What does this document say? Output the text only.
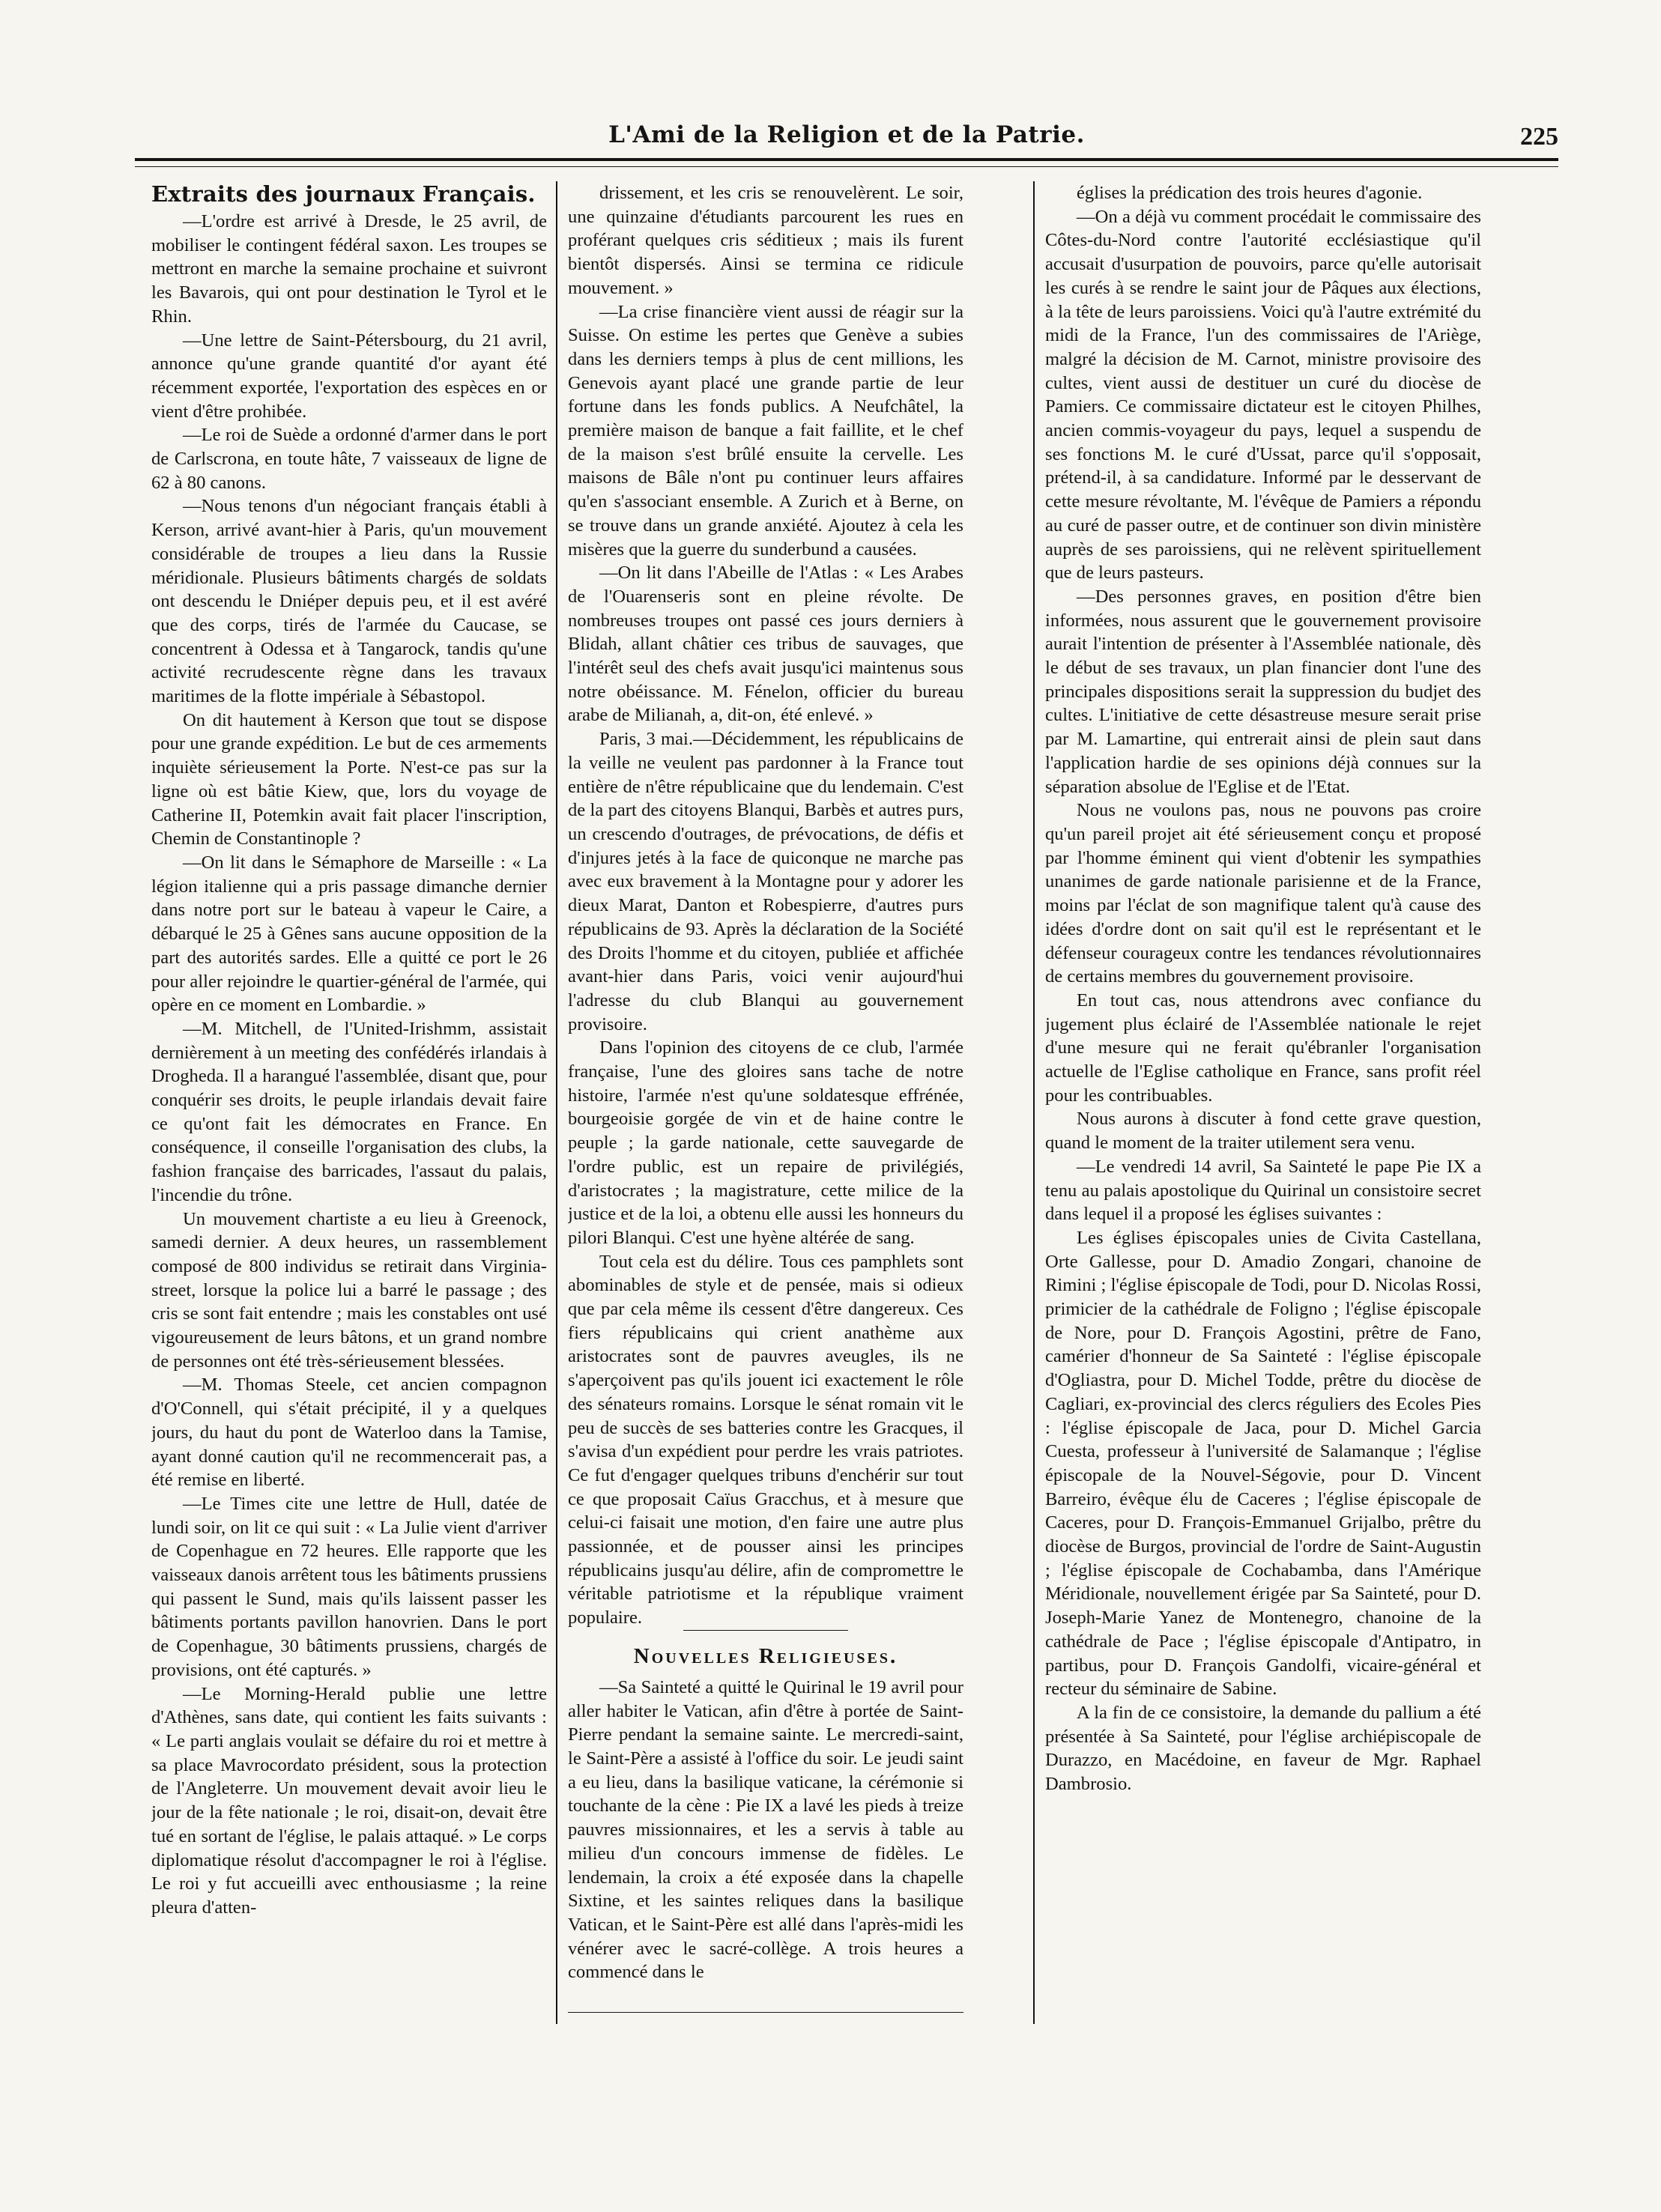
L'Ami de la Religion et de la Patrie.	225
Extraits des journaux Français.

—L'ordre est arrivé à Dresde, le 25 avril, de mobiliser le contingent fédéral saxon. Les troupes se mettront en marche la semaine prochaine et suivront les Bavarois, qui ont pour destination le Tyrol et le Rhin.

—Une lettre de Saint-Pétersbourg, du 21 avril, annonce qu'une grande quantité d'or ayant été récemment exportée, l'exportation des espèces en or vient d'être prohibée.

—Le roi de Suède a ordonné d'armer dans le port de Carlscrona, en toute hâte, 7 vaisseaux de ligne de 62 à 80 canons.

—Nous tenons d'un négociant français établi à Kerson, arrivé avant-hier à Paris, qu'un mouvement considérable de troupes a lieu dans la Russie méridionale. Plusieurs bâtiments chargés de soldats ont descendu le Dniéper depuis peu, et il est avéré que des corps, tirés de l'armée du Caucase, se concentrent à Odessa et à Tangarock, tandis qu'une activité recrudescente règne dans les travaux maritimes de la flotte impériale à Sébastopol.

On dit hautement à Kerson que tout se dispose pour une grande expédition. Le but de ces armements inquiète sérieusement la Porte. N'est-ce pas sur la ligne où est bâtie Kiew, que, lors du voyage de Catherine II, Potemkin avait fait placer l'inscription, Chemin de Constantinople ?

—On lit dans le Sémaphore de Marseille : « La légion italienne qui a pris passage dimanche dernier dans notre port sur le bateau à vapeur le Caire, a débarqué le 25 à Gênes sans aucune opposition de la part des autorités sardes. Elle a quitté ce port le 26 pour aller rejoindre le quartier-général de l'armée, qui opère en ce moment en Lombardie. »

—M. Mitchell, de l'United-Irishmm, assistait dernièrement à un meeting des confédérés irlandais à Drogheda. Il a harangué l'assemblée, disant que, pour conquérir ses droits, le peuple irlandais devait faire ce qu'ont fait les démocrates en France. En conséquence, il conseille l'organisation des clubs, la fashion française des barricades, l'assaut du palais, l'incendie du trône.

Un mouvement chartiste a eu lieu à Greenock, samedi dernier. A deux heures, un rassemblement composé de 800 individus se retirait dans Virginia-street, lorsque la police lui a barré le passage ; des cris se sont fait entendre ; mais les constables ont usé vigoureusement de leurs bâtons, et un grand nombre de personnes ont été très-sérieusement blessées.

—M. Thomas Steele, cet ancien compagnon d'O'Connell, qui s'était précipité, il y a quelques jours, du haut du pont de Waterloo dans la Tamise, ayant donné caution qu'il ne recommencerait pas, a été remise en liberté.

—Le Times cite une lettre de Hull, datée de lundi soir, on lit ce qui suit : « La Julie vient d'arriver de Copenhague en 72 heures. Elle rapporte que les vaisseaux danois arrêtent tous les bâtiments prussiens qui passent le Sund, mais qu'ils laissent passer les bâtiments portants pavillon hanovrien. Dans le port de Copenhague, 30 bâtiments prussiens, chargés de provisions, ont été capturés. »

—Le Morning-Herald publie une lettre d'Athènes, sans date, qui contient les faits suivants : « Le parti anglais voulait se défaire du roi et mettre à sa place Mavrocordato président, sous la protection de l'Angleterre. Un mouvement devait avoir lieu le jour de la fête nationale ; le roi, disait-on, devait être tué en sortant de l'église, le palais attaqué. » Le corps diplomatique résolut d'accompagner le roi à l'église. Le roi y fut accueilli avec enthousiasme ; la reine pleura d'atten-

drissement, et les cris se renouvelèrent. Le soir, une quinzaine d'étudiants parcourent les rues en proférant quelques cris séditieux ; mais ils furent bientôt dispersés. Ainsi se termina ce ridicule mouvement. »

—La crise financière vient aussi de réagir sur la Suisse. On estime les pertes que Genève a subies dans les derniers temps à plus de cent millions, les Genevois ayant placé une grande partie de leur fortune dans les fonds publics. A Neufchâtel, la première maison de banque a fait faillite, et le chef de la maison s'est brûlé ensuite la cervelle. Les maisons de Bâle n'ont pu continuer leurs affaires qu'en s'associant ensemble. A Zurich et à Berne, on se trouve dans un grande anxiété. Ajoutez à cela les misères que la guerre du sunderbund a causées.

—On lit dans l'Abeille de l'Atlas : « Les Arabes de l'Ouarenseris sont en pleine révolte. De nombreuses troupes ont passé ces jours derniers à Blidah, allant châtier ces tribus de sauvages, que l'intérêt seul des chefs avait jusqu'ici maintenus sous notre obéissance. M. Fénelon, officier du bureau arabe de Milianah, a, dit-on, été enlevé. »

Paris, 3 mai.—Décidemment, les républicains de la veille ne veulent pas pardonner à la France tout entière de n'être républicaine que du lendemain. C'est de la part des citoyens Blanqui, Barbès et autres purs, un crescendo d'outrages, de prévocations, de défis et d'injures jetés à la face de quiconque ne marche pas avec eux bravement à la Montagne pour y adorer les dieux Marat, Danton et Robespierre, d'autres purs républicains de 93. Après la déclaration de la Société des Droits l'homme et du citoyen, publiée et affichée avant-hier dans Paris, voici venir aujourd'hui l'adresse du club Blanqui au gouvernement provisoire.

Dans l'opinion des citoyens de ce club, l'armée française, l'une des gloires sans tache de notre histoire, l'armée n'est qu'une soldatesque effrénée, bourgeoisie gorgée de vin et de haine contre le peuple ; la garde nationale, cette sauvegarde de l'ordre public, est un repaire de privilégiés, d'aristocrates ; la magistrature, cette milice de la justice et de la loi, a obtenu elle aussi les honneurs du pilori Blanqui. C'est une hyène altérée de sang.

Tout cela est du délire. Tous ces pamphlets sont abominables de style et de pensée, mais si odieux que par cela même ils cessent d'être dangereux. Ces fiers républicains qui crient anathème aux aristocrates sont de pauvres aveugles, ils ne s'aperçoivent pas qu'ils jouent ici exactement le rôle des sénateurs romains. Lorsque le sénat romain vit le peu de succès de ses batteries contre les Gracques, il s'avisa d'un expédient pour perdre les vrais patriotes. Ce fut d'engager quelques tribuns d'enchérir sur tout ce que proposait Caïus Gracchus, et à mesure que celui-ci faisait une motion, d'en faire une autre plus passionnée, et de pousser ainsi les principes républicains jusqu'au délire, afin de compromettre le véritable patriotisme et la république vraiment populaire.

Nouvelles Religieuses.

—Sa Sainteté a quitté le Quirinal le 19 avril pour aller habiter le Vatican, afin d'être à portée de Saint-Pierre pendant la semaine sainte. Le mercredi-saint, le Saint-Père a assisté à l'office du soir. Le jeudi saint a eu lieu, dans la basilique vaticane, la cérémonie si touchante de la cène : Pie IX a lavé les pieds à treize pauvres missionnaires, et les a servis à table au milieu d'un concours immense de fidèles. Le lendemain, la croix a été exposée dans la chapelle Sixtine, et les saintes reliques dans la basilique Vatican, et le Saint-Père est allé dans l'après-midi les vénérer avec le sacré-collège. A trois heures a commencé dans le

églises la prédication des trois heures d'agonie.

—On a déjà vu comment procédait le commissaire des Côtes-du-Nord contre l'autorité ecclésiastique qu'il accusait d'usurpation de pouvoirs, parce qu'elle autorisait les curés à se rendre le saint jour de Pâques aux élections, à la tête de leurs paroissiens. Voici qu'à l'autre extrémité du midi de la France, l'un des commissaires de l'Ariège, malgré la décision de M. Carnot, ministre provisoire des cultes, vient aussi de destituer un curé du diocèse de Pamiers. Ce commissaire dictateur est le citoyen Philhes, ancien commis-voyageur du pays, lequel a suspendu de ses fonctions M. le curé d'Ussat, parce qu'il s'opposait, prétend-il, à sa candidature. Informé par le desservant de cette mesure révoltante, M. l'évêque de Pamiers a répondu au curé de passer outre, et de continuer son divin ministère auprès de ses paroissiens, qui ne relèvent spirituellement que de leurs pasteurs.

—Des personnes graves, en position d'être bien informées, nous assurent que le gouvernement provisoire aurait l'intention de présenter à l'Assemblée nationale, dès le début de ses travaux, un plan financier dont l'une des principales dispositions serait la suppression du budjet des cultes. L'initiative de cette désastreuse mesure serait prise par M. Lamartine, qui entrerait ainsi de plein saut dans l'application hardie de ses opinions déjà connues sur la séparation absolue de l'Eglise et de l'Etat.

Nous ne voulons pas, nous ne pouvons pas croire qu'un pareil projet ait été sérieusement conçu et proposé par l'homme éminent qui vient d'obtenir les sympathies unanimes de garde nationale parisienne et de la France, moins par l'éclat de son magnifique talent qu'à cause des idées d'ordre dont on sait qu'il est le représentant et le défenseur courageux contre les tendances révolutionnaires de certains membres du gouvernement provisoire.

En tout cas, nous attendrons avec confiance du jugement plus éclairé de l'Assemblée nationale le rejet d'une mesure qui ne ferait qu'ébranler l'organisation actuelle de l'Eglise catholique en France, sans profit réel pour les contribuables.

Nous aurons à discuter à fond cette grave question, quand le moment de la traiter utilement sera venu.

—Le vendredi 14 avril, Sa Sainteté le pape Pie IX a tenu au palais apostolique du Quirinal un consistoire secret dans lequel il a proposé les églises suivantes :

Les églises épiscopales unies de Civita Castellana, Orte Gallesse, pour D. Amadio Zongari, chanoine de Rimini ; l'église épiscopale de Todi, pour D. Nicolas Rossi, primicier de la cathédrale de Foligno ; l'église épiscopale de Nore, pour D. François Agostini, prêtre de Fano, camérier d'honneur de Sa Sainteté : l'église épiscopale d'Ogliastra, pour D. Michel Todde, prêtre du diocèse de Cagliari, ex-provincial des clercs réguliers des Ecoles Pies : l'église épiscopale de Jaca, pour D. Michel Garcia Cuesta, professeur à l'université de Salamanque ; l'église épiscopale de la Nouvel-Ségovie, pour D. Vincent Barreiro, évêque élu de Caceres ; l'église épiscopale de Caceres, pour D. François-Emmanuel Grijalbo, prêtre du diocèse de Burgos, provincial de l'ordre de Saint-Augustin ; l'église épiscopale de Cochabamba, dans l'Amérique Méridionale, nouvellement érigée par Sa Sainteté, pour D. Joseph-Marie Yanez de Montenegro, chanoine de la cathédrale de Pace ; l'église épiscopale d'Antipatro, in partibus, pour D. François Gandolfi, vicaire-général et recteur du séminaire de Sabine.

A la fin de ce consistoire, la demande du pallium a été présentée à Sa Sainteté, pour l'église archiépiscopale de Durazzo, en Macédoine, en faveur de Mgr. Raphael Dambrosio.
